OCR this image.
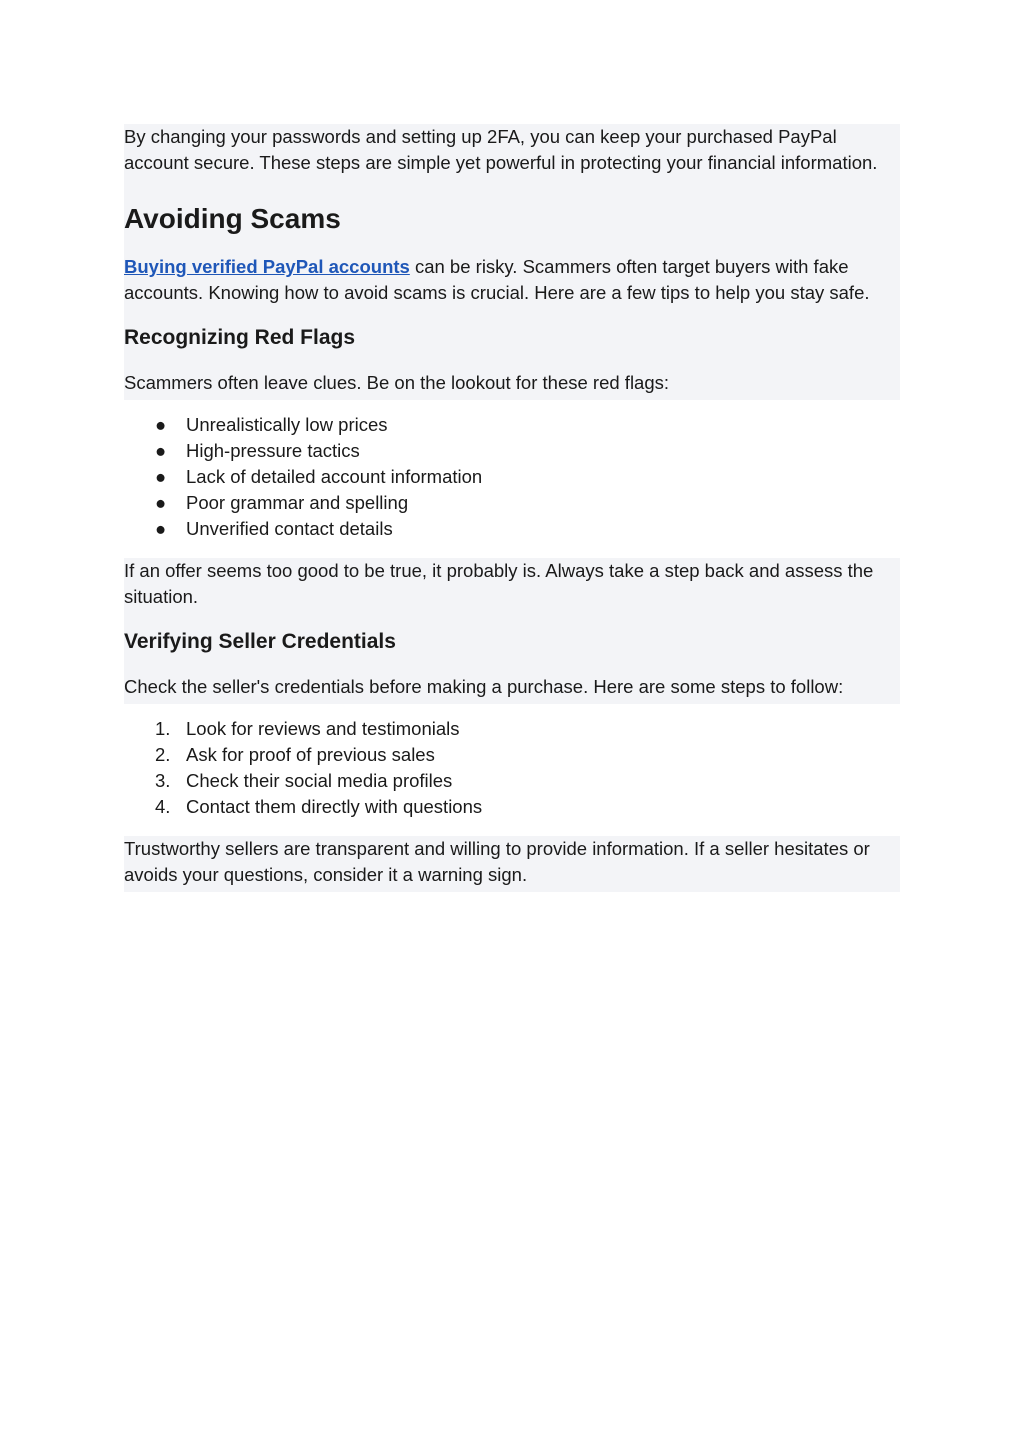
By changing your passwords and setting up 2FA, you can keep your purchased PayPal account secure. These steps are simple yet powerful in protecting your financial information.

Avoiding Scams

Buying verified PayPal accounts can be risky. Scammers often target buyers with fake accounts. Knowing how to avoid scams is crucial. Here are a few tips to help you stay safe.

Recognizing Red Flags

Scammers often leave clues. Be on the lookout for these red flags:

● Unrealistically low prices
● High-pressure tactics
● Lack of detailed account information
● Poor grammar and spelling
● Unverified contact details

If an offer seems too good to be true, it probably is. Always take a step back and assess the situation.

Verifying Seller Credentials

Check the seller's credentials before making a purchase. Here are some steps to follow:

1. Look for reviews and testimonials
2. Ask for proof of previous sales
3. Check their social media profiles
4. Contact them directly with questions

Trustworthy sellers are transparent and willing to provide information. If a seller hesitates or avoids your questions, consider it a warning sign.
